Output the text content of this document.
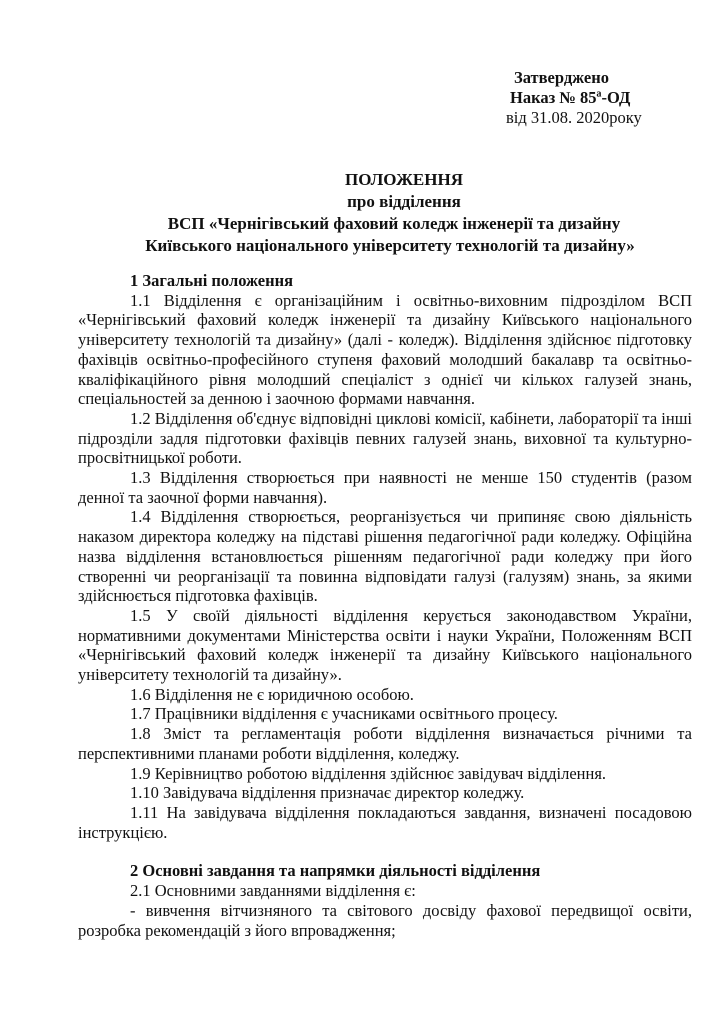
Затверджено
Наказ № 85ª-ОД
від 31.08. 2020року
ПОЛОЖЕННЯ
про відділення
ВСП «Чернігівський фаховий коледж інженерії та дизайну
Київського національного університету технологій та дизайну»

1 Загальні положення

1.1 Відділення є організаційним і освітньо-виховним підрозділом ВСП «Чернігівський фаховий коледж інженерії та дизайну Київського національного університету технологій та дизайну» (далі - коледж). Відділення здійснює підготовку фахівців освітньо-професійного ступеня фаховий молодший бакалавр та освітньо-кваліфікаційного рівня молодший спеціаліст з однієї чи кількох галузей знань, спеціальностей за денною і заочною формами навчання.

1.2 Відділення об'єднує відповідні циклові комісії, кабінети, лабораторії та інші підрозділи задля підготовки фахівців певних галузей знань, виховної та культурно-просвітницької роботи.

1.3 Відділення створюється при наявності не менше 150 студентів (разом денної та заочної форми навчання).

1.4 Відділення створюється, реорганізується чи припиняє свою діяльність наказом директора коледжу на підставі рішення педагогічної ради коледжу. Офіційна назва відділення встановлюється рішенням педагогічної ради коледжу при його створенні чи реорганізації та повинна відповідати галузі (галузям) знань, за якими здійснюється підготовка фахівців.

1.5 У своїй діяльності відділення керується законодавством України, нормативними документами Міністерства освіти і науки України, Положенням ВСП «Чернігівський фаховий коледж інженерії та дизайну Київського національного університету технологій та дизайну».

1.6 Відділення не є юридичною особою.

1.7 Працівники відділення є учасниками освітнього процесу.

1.8 Зміст та регламентація роботи відділення визначається річними та перспективними планами роботи відділення, коледжу.

1.9 Керівництво роботою відділення здійснює завідувач відділення.

1.10 Завідувача відділення призначає директор коледжу.

1.11 На завідувача відділення покладаються завдання, визначені посадовою інструкцією.

2 Основні завдання та напрямки діяльності відділення

2.1 Основними завданнями відділення є:

- вивчення вітчизняного та світового досвіду фахової передвищої освіти, розробка рекомендацій з його впровадження;
